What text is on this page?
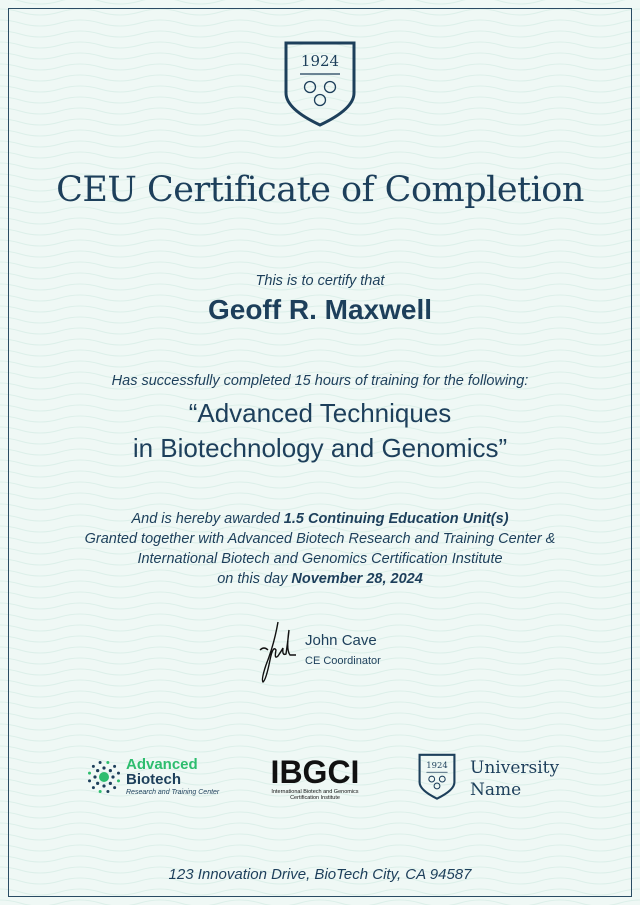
1924
CEU Certificate of Completion
This is to certify that
Geoff R. Maxwell
Has successfully completed 15 hours of training for the following:
“Advanced Techniques
in Biotechnology and Genomics”
And is hereby awarded 1.5 Continuing Education Unit(s)
Granted together with Advanced Biotech Research and Training Center &
International Biotech and Genomics Certification Institute
on this day November 28, 2024
John Cave
CE Coordinator
Advanced
Biotech
Research and Training Center
IBGCI
International Biotech and Genomics
Certification Institute
1924 University
Name
123 Innovation Drive, BioTech City, CA 94587
